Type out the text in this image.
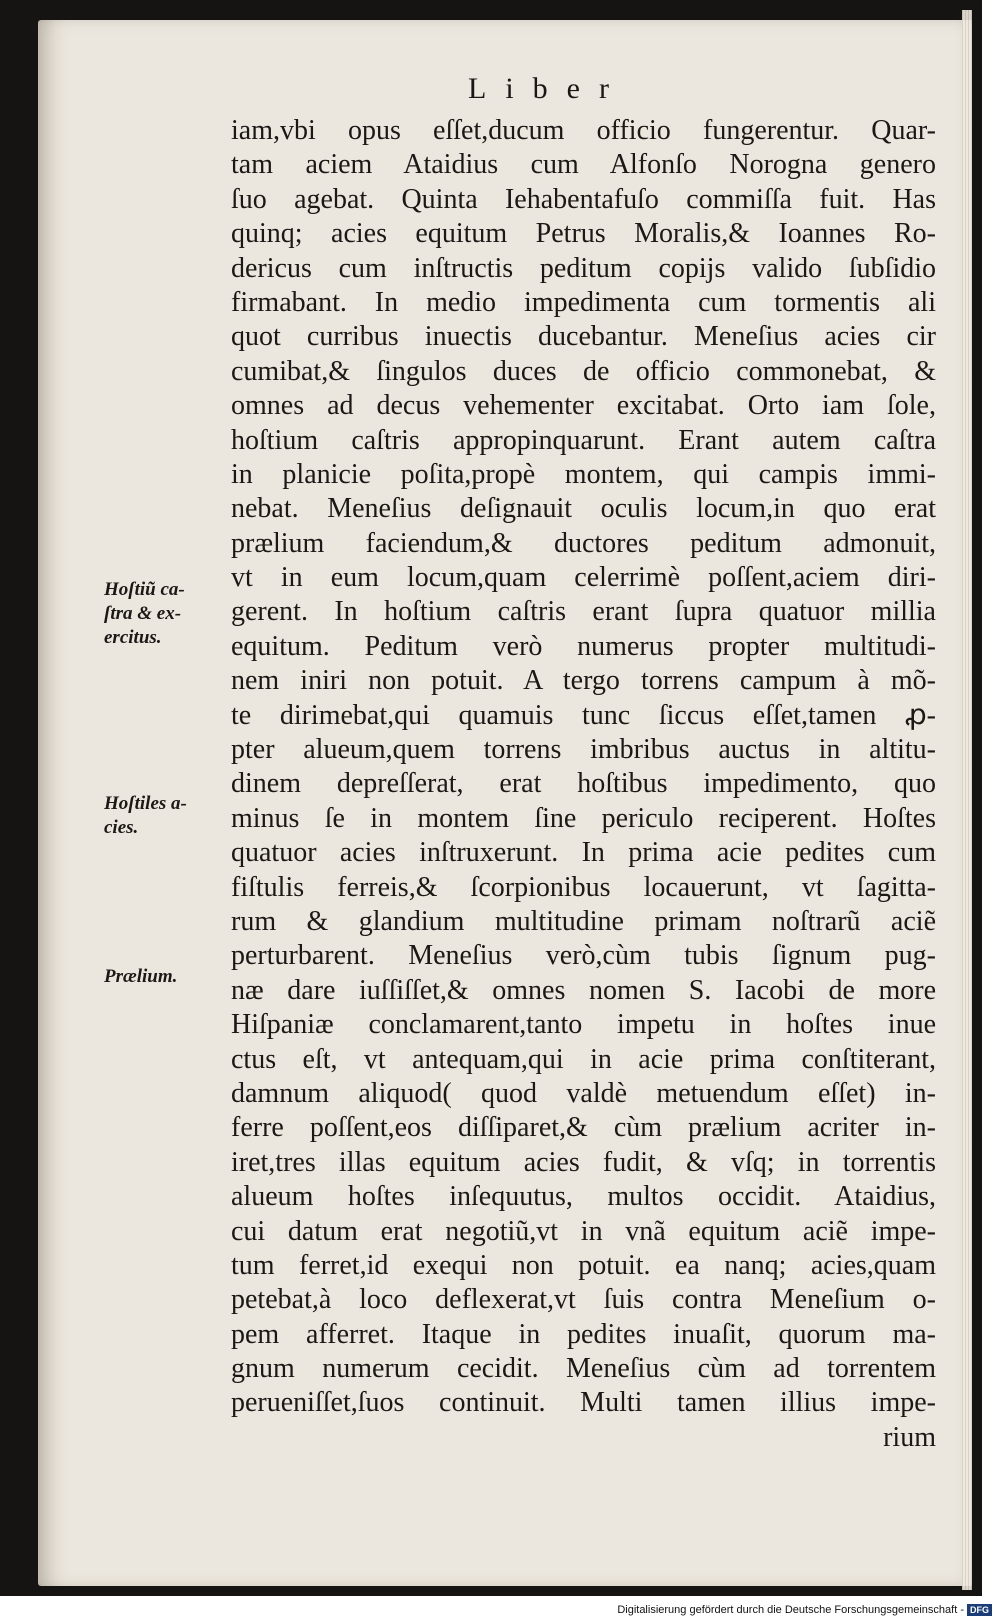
Liber
iam,vbi opus eſſet,ducum officio fungerentur. Quar-
tam aciem Ataidius cum Alfonſo Norogna genero
ſuo agebat. Quinta Iehabentafuſo commiſſa fuit. Has
quinq; acies equitum Petrus Moralis,& Ioannes Ro-
dericus cum inſtructis peditum copijs valido ſubſidio
firmabant. In medio impedimenta cum tormentis ali
quot curribus inuectis ducebantur. Meneſius acies cir
cumibat,& ſingulos duces de officio commonebat, &
omnes ad decus vehementer excitabat. Orto iam ſole,
hoſtium caſtris appropinquarunt. Erant autem caſtra
in planicie poſita,propè montem, qui campis immi-
nebat. Meneſius deſignauit oculis locum,in quo erat
prælium faciendum,& ductores peditum admonuit,
vt in eum locum,quam celerrimè poſſent,aciem diri-
gerent. In hoſtium caſtris erant ſupra quatuor millia
equitum. Peditum verò numerus propter multitudi-
nem iniri non potuit. A tergo torrens campum à mõ-
te dirimebat,qui quamuis tunc ſiccus eſſet,tamen ꝓ-
pter alueum,quem torrens imbribus auctus in altitu-
dinem depreſſerat, erat hoſtibus impedimento, quo
minus ſe in montem ſine periculo reciperent. Hoſtes
quatuor acies inſtruxerunt. In prima acie pedites cum
fiſtulis ferreis,& ſcorpionibus locauerunt, vt ſagitta-
rum & glandium multitudine primam noſtrarũ aciẽ
perturbarent. Meneſius verò,cùm tubis ſignum pug-
næ dare iuſſiſſet,& omnes nomen S. Iacobi de more
Hiſpaniæ conclamarent,tanto impetu in hoſtes inue
ctus eſt, vt antequam,qui in acie prima conſtiterant,
damnum aliquod( quod valdè metuendum eſſet) in-
ferre poſſent,eos diſſiparet,& cùm prælium acriter in-
iret,tres illas equitum acies fudit, & vſq; in torrentis
alueum hoſtes inſequutus, multos occidit. Ataidius,
cui datum erat negotiũ,vt in vnã equitum aciẽ impe-
tum ferret,id exequi non potuit. ea nanq; acies,quam
petebat,à loco deflexerat,vt ſuis contra Meneſium o-
pem afferret. Itaque in pedites inuaſit, quorum ma-
gnum numerum cecidit. Meneſius cùm ad torrentem
perueniſſet,ſuos continuit. Multi tamen illius impe-
rium
Hoſtiũ ca-
ſtra & ex-
ercitus.
Hoſtiles a-
cies.
Prælium.
Digitalisierung gefördert durch die Deutsche Forschungsgemeinschaft - DFG
